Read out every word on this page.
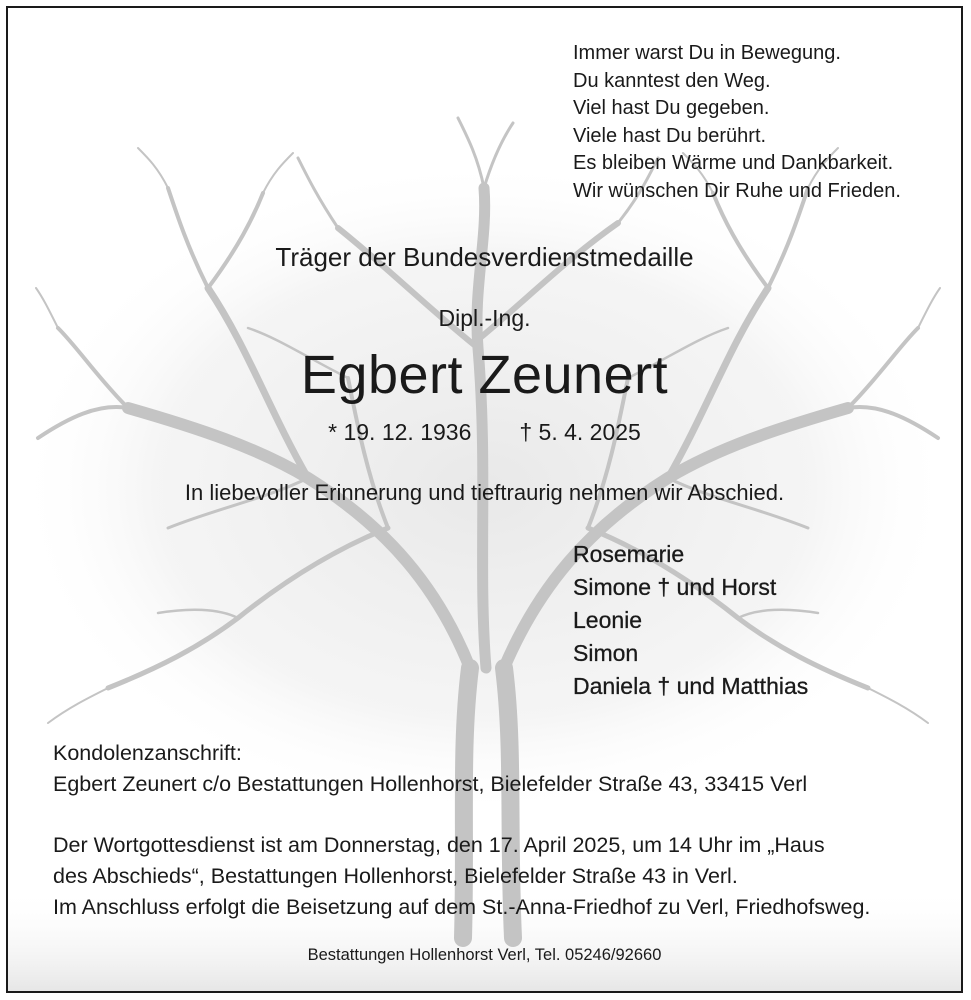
Immer warst Du in Bewegung.
Du kanntest den Weg.
Viel hast Du gegeben.
Viele hast Du berührt.
Es bleiben Wärme und Dankbarkeit.
Wir wünschen Dir Ruhe und Frieden.
Träger der Bundesverdienstmedaille
Dipl.-Ing.
Egbert Zeunert
* 19. 12. 1936 † 5. 4. 2025
In liebevoller Erinnerung und tieftraurig nehmen wir Abschied.
Rosemarie
Simone † und Horst
Leonie
Simon
Daniela † und Matthias
Kondolenzanschrift:
Egbert Zeunert c/o Bestattungen Hollenhorst, Bielefelder Straße 43, 33415 Verl
Der Wortgottesdienst ist am Donnerstag, den 17. April 2025, um 14 Uhr im „Haus
des Abschieds“, Bestattungen Hollenhorst, Bielefelder Straße 43 in Verl.
Im Anschluss erfolgt die Beisetzung auf dem St.-Anna-Friedhof zu Verl, Friedhofsweg.
Bestattungen Hollenhorst Verl, Tel. 05246/92660
